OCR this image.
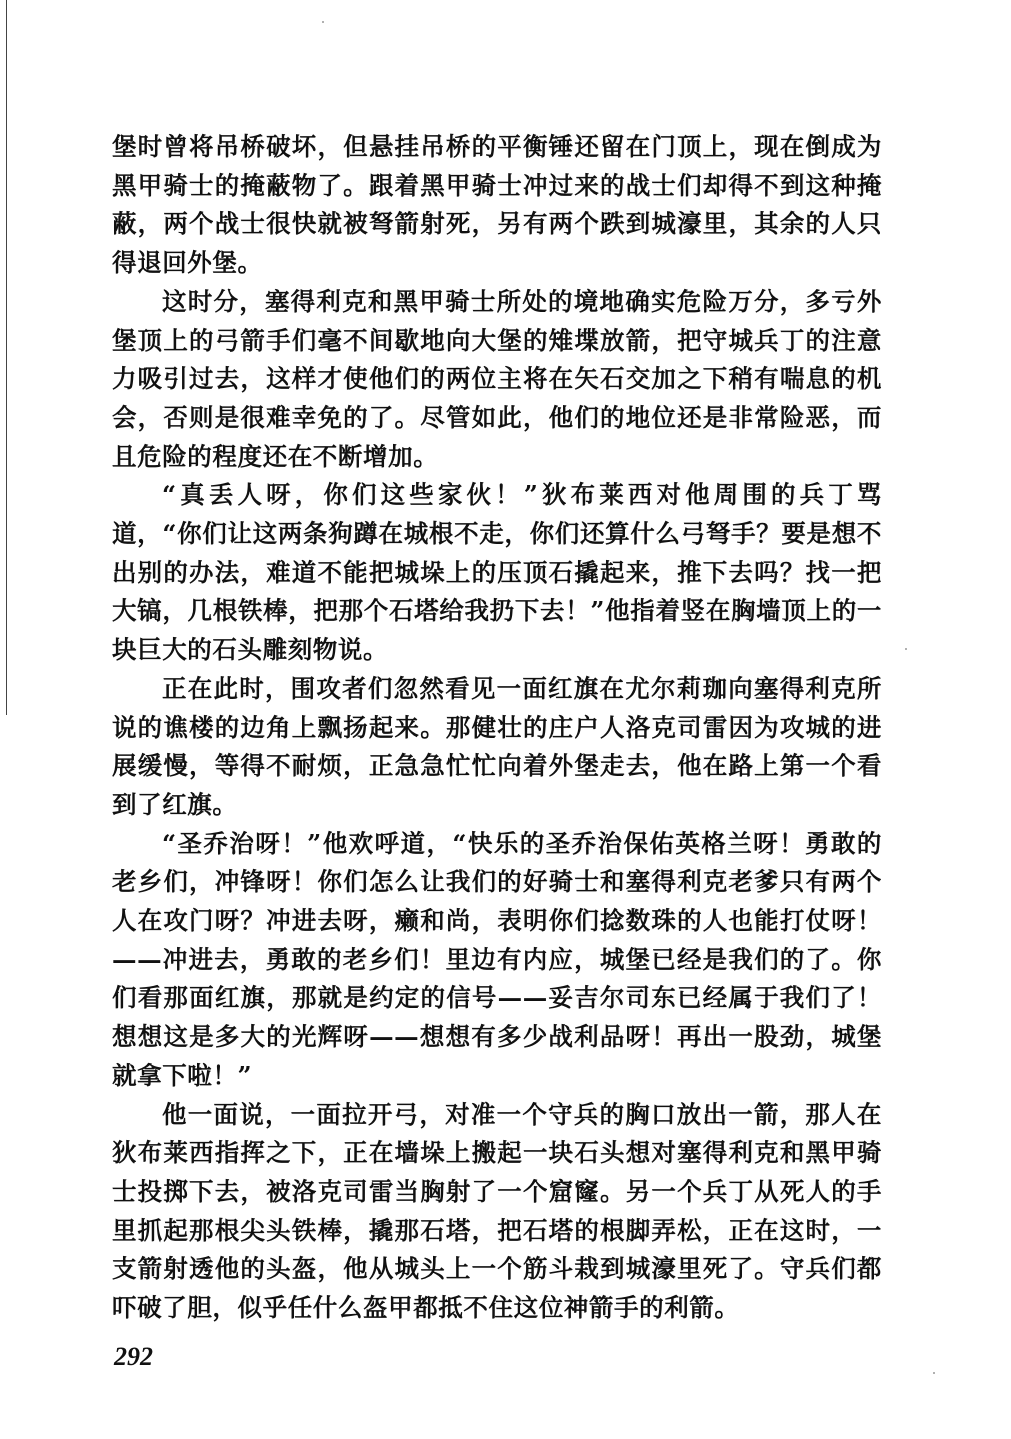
堡时曾将吊桥破坏，但悬挂吊桥的平衡锤还留在门顶上，现在倒成为黑甲骑士的掩蔽物了。跟着黑甲骑士冲过来的战士们却得不到这种掩蔽，两个战士很快就被弩箭射死，另有两个跌到城濠里，其余的人只得退回外堡。

这时分，塞得利克和黑甲骑士所处的境地确实危险万分，多亏外堡顶上的弓箭手们毫不间歇地向大堡的雉堞放箭，把守城兵丁的注意力吸引过去，这样才使他们的两位主将在矢石交加之下稍有喘息的机会，否则是很难幸免的了。尽管如此，他们的地位还是非常险恶，而且危险的程度还在不断增加。

“真丢人呀，你们这些家伙！”狄布莱西对他周围的兵丁骂道，“你们让这两条狗蹲在城根不走，你们还算什么弓弩手？要是想不出别的办法，难道不能把城垛上的压顶石撬起来，推下去吗？找一把大镐，几根铁棒，把那个石塔给我扔下去！”他指着竖在胸墙顶上的一块巨大的石头雕刻物说。

正在此时，围攻者们忽然看见一面红旗在尤尔莉珈向塞得利克所说的谯楼的边角上飘扬起来。那健壮的庄户人洛克司雷因为攻城的进展缓慢，等得不耐烦，正急急忙忙向着外堡走去，他在路上第一个看到了红旗。

“圣乔治呀！”他欢呼道，“快乐的圣乔治保佑英格兰呀！勇敢的老乡们，冲锋呀！你们怎么让我们的好骑士和塞得利克老爹只有两个人在攻门呀？冲进去呀，癞和尚，表明你们捻数珠的人也能打仗呀！——冲进去，勇敢的老乡们！里边有内应，城堡已经是我们的了。你们看那面红旗，那就是约定的信号——妥吉尔司东已经属于我们了！想想这是多大的光辉呀——想想有多少战利品呀！再出一股劲，城堡就拿下啦！”

他一面说，一面拉开弓，对准一个守兵的胸口放出一箭，那人在狄布莱西指挥之下，正在墙垛上搬起一块石头想对塞得利克和黑甲骑士投掷下去，被洛克司雷当胸射了一个窟窿。另一个兵丁从死人的手里抓起那根尖头铁棒，撬那石塔，把石塔的根脚弄松，正在这时，一支箭射透他的头盔，他从城头上一个筋斗栽到城濠里死了。守兵们都吓破了胆，似乎任什么盔甲都抵不住这位神箭手的利箭。

292
